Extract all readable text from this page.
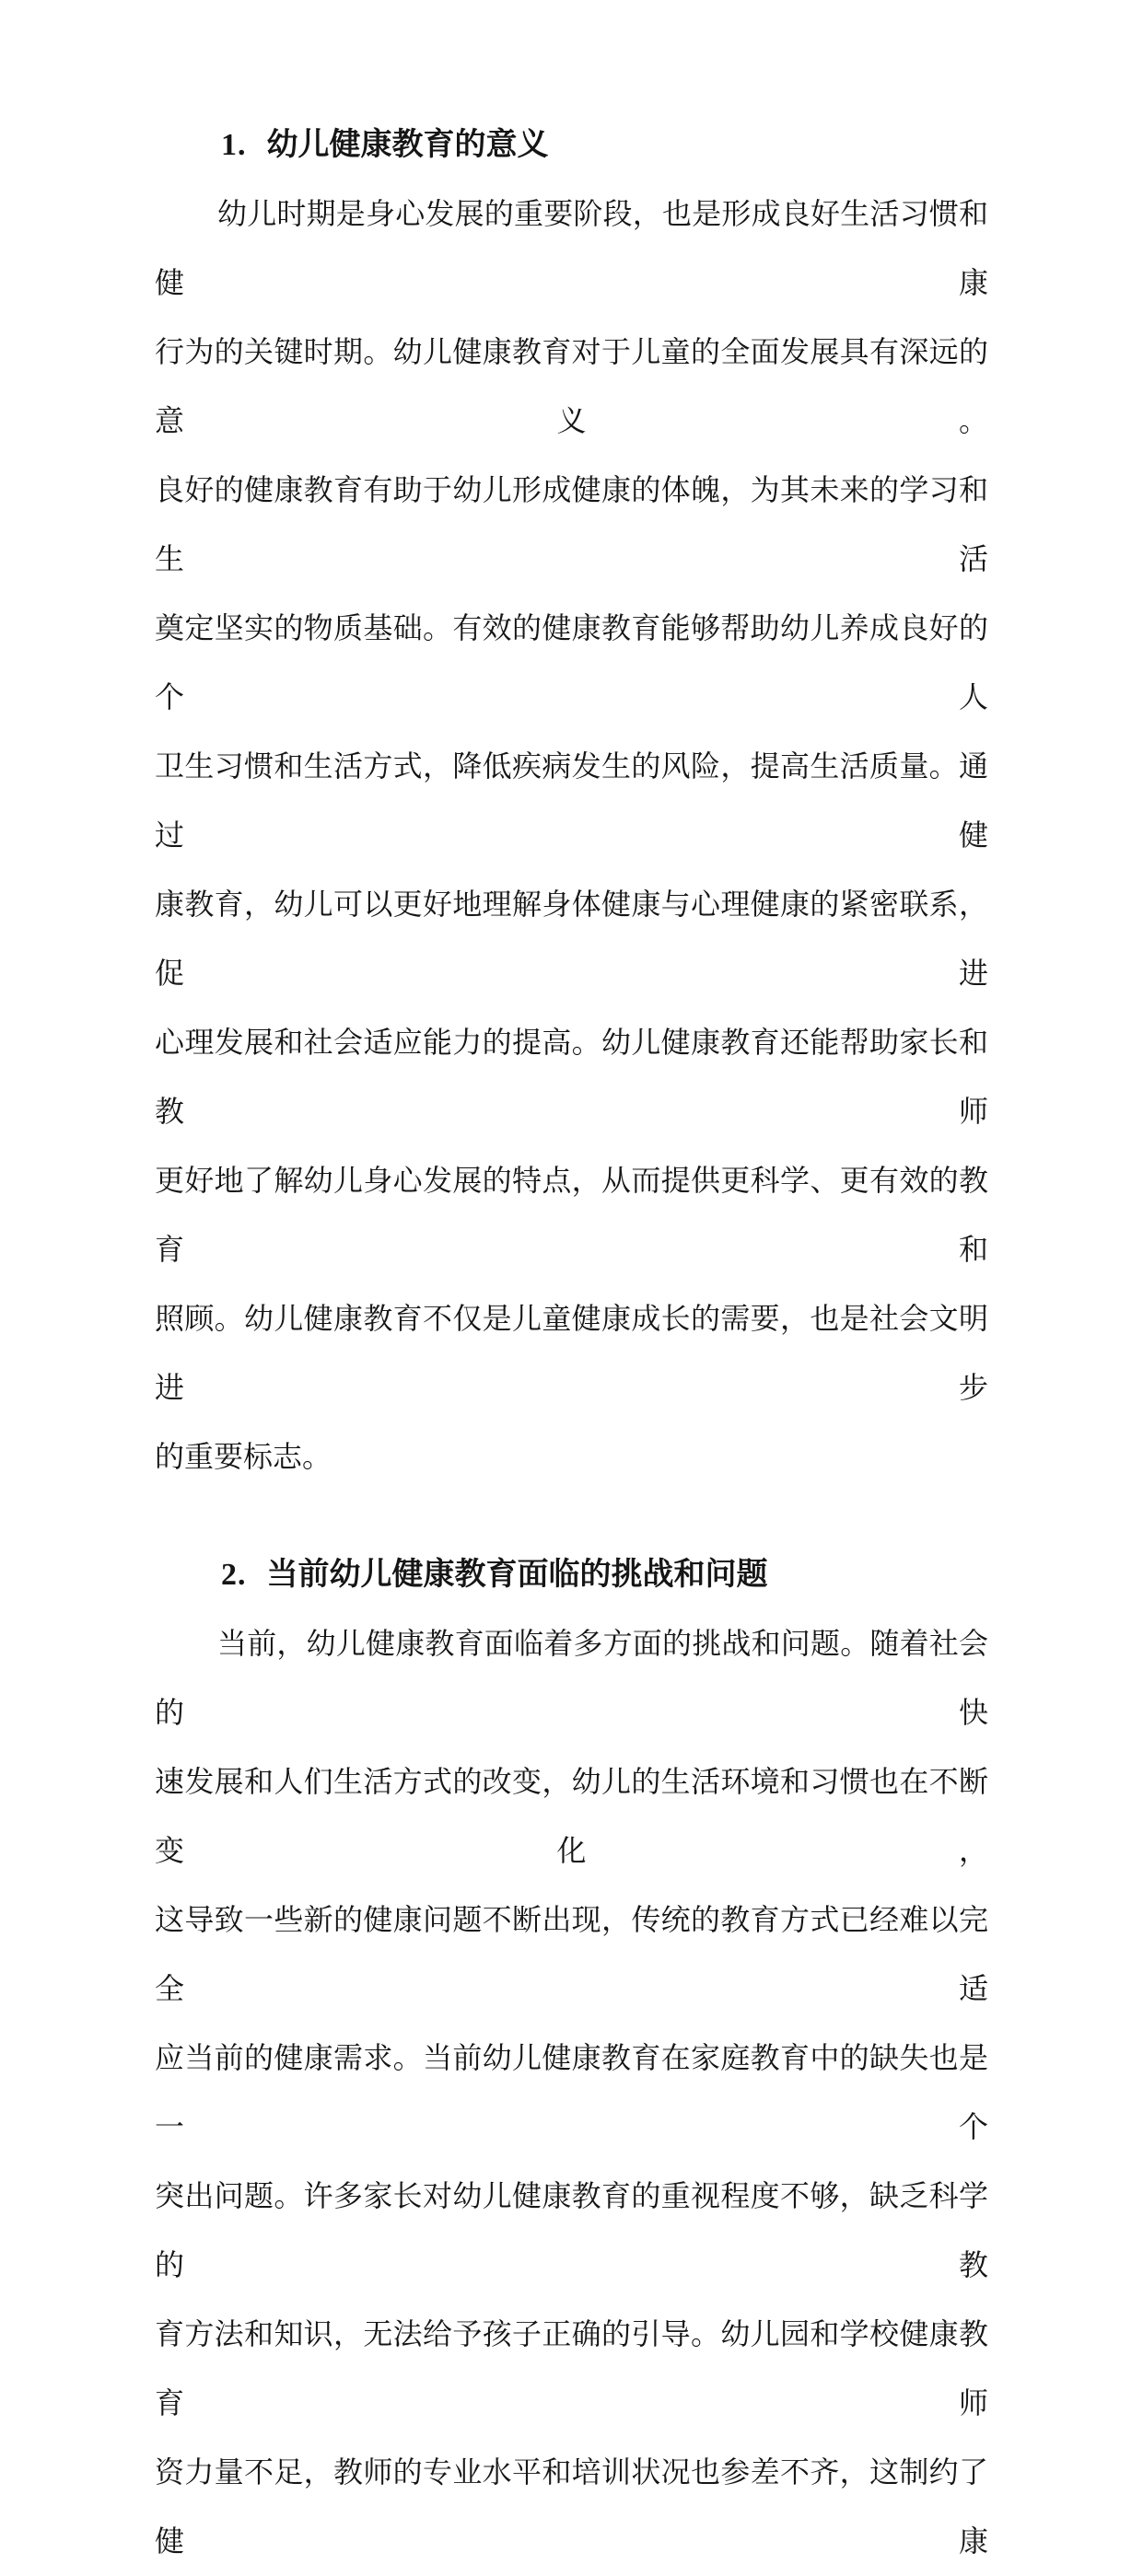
1. 幼儿健康教育的意义
幼儿时期是身心发展的重要阶段，也是形成良好生活习惯和健康
行为的关键时期。幼儿健康教育对于儿童的全面发展具有深远的意义。
良好的健康教育有助于幼儿形成健康的体魄，为其未来的学习和生活
奠定坚实的物质基础。有效的健康教育能够帮助幼儿养成良好的个人
卫生习惯和生活方式，降低疾病发生的风险，提高生活质量。通过健
康教育，幼儿可以更好地理解身体健康与心理健康的紧密联系，促进
心理发展和社会适应能力的提高。幼儿健康教育还能帮助家长和教师
更好地了解幼儿身心发展的特点，从而提供更科学、更有效的教育和
照顾。幼儿健康教育不仅是儿童健康成长的需要，也是社会文明进步
的重要标志。
2. 当前幼儿健康教育面临的挑战和问题
当前，幼儿健康教育面临着多方面的挑战和问题。随着社会的快
速发展和人们生活方式的改变，幼儿的生活环境和习惯也在不断变化，
这导致一些新的健康问题不断出现，传统的教育方式已经难以完全适
应当前的健康需求。当前幼儿健康教育在家庭教育中的缺失也是一个
突出问题。许多家长对幼儿健康教育的重视程度不够，缺乏科学的教
育方法和知识，无法给予孩子正确的引导。幼儿园和学校健康教育师
资力量不足，教师的专业水平和培训状况也参差不齐，这制约了健康
